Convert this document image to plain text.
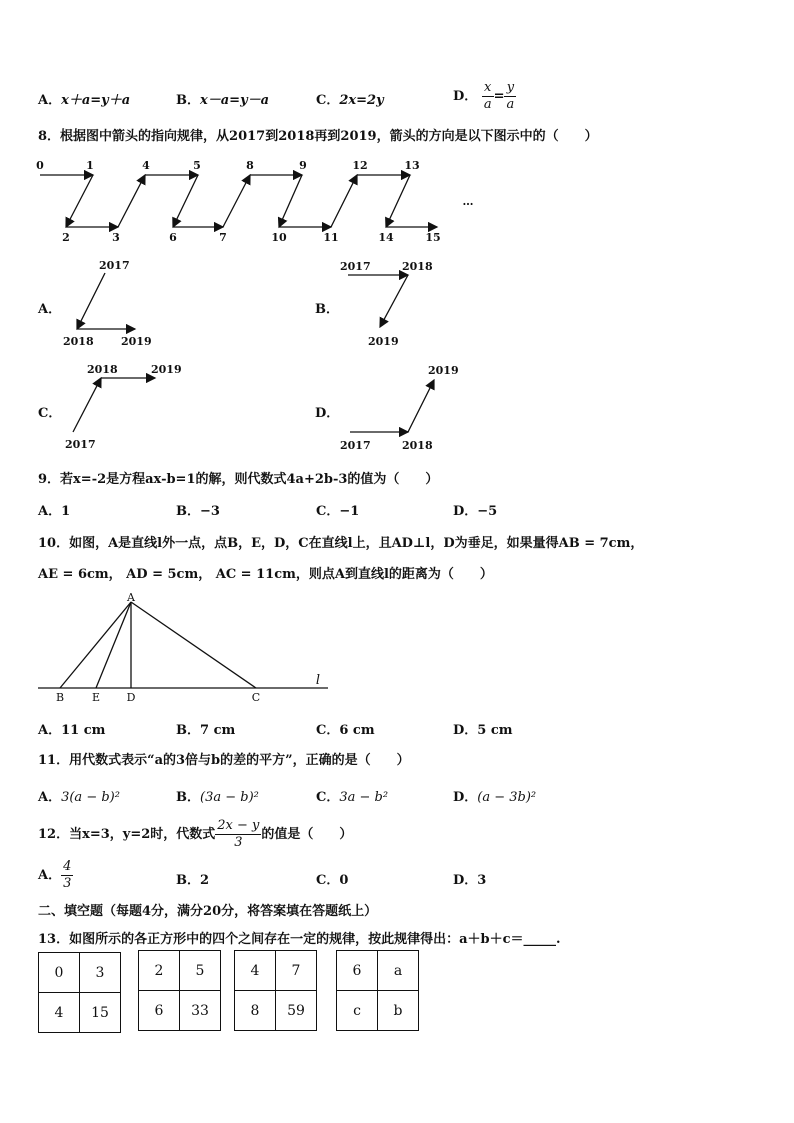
A．x＋a=y＋a	B．x－a=y－a	C．2x=2y	D． $\frac{x}{a} = \frac{y}{a}$
8．根据图中箭头的指向规律，从2017到2018再到2019，箭头的方向是以下图示中的（　　）
0	1
2	3
4	5
6	7
8	9
10	11
12	13
14	15
…
A．
2017
2018 2019
B．
2017	2018
2019
C．
2018	2019
2017
D．
2019
2017	2018
9．若x=-2是方程ax-b=1的解，则代数式4a+2b-3的值为（　　）
A．1	B．−3	C．−1	D．−5
10．如图，A是直线l外一点，点B，E，D，C在直线l上，且AD⊥l，D为垂足，如果量得AB = 7cm，
AE = 6cm， AD = 5cm， AC = 11cm，则点A到直线l的距离为（　　）
A
B	E D	C
l
A．11 cm	B．7 cm	C．6 cm	D．5 cm
11．用代数式表示“a的3倍与b的差的平方”，正确的是（　　）
A．3(a − b)²	B．(3a − b)²	C．3a − b²	D．(a − 3b)²
12．当x=3，y=2时，代数式 $\frac{2x - y}{3}$ 的值是（　　）
A． $\frac{4}{3}$	B．2	C．0	D．3
二、填空题（每题4分，满分20分，将答案填在答题纸上）
13．如图所示的各正方形中的四个之间存在一定的规律，按此规律得出：a＋b＋c＝_____.
0	3
4	15
2	5
6	33
4	7
8	59
6	a
c	b
